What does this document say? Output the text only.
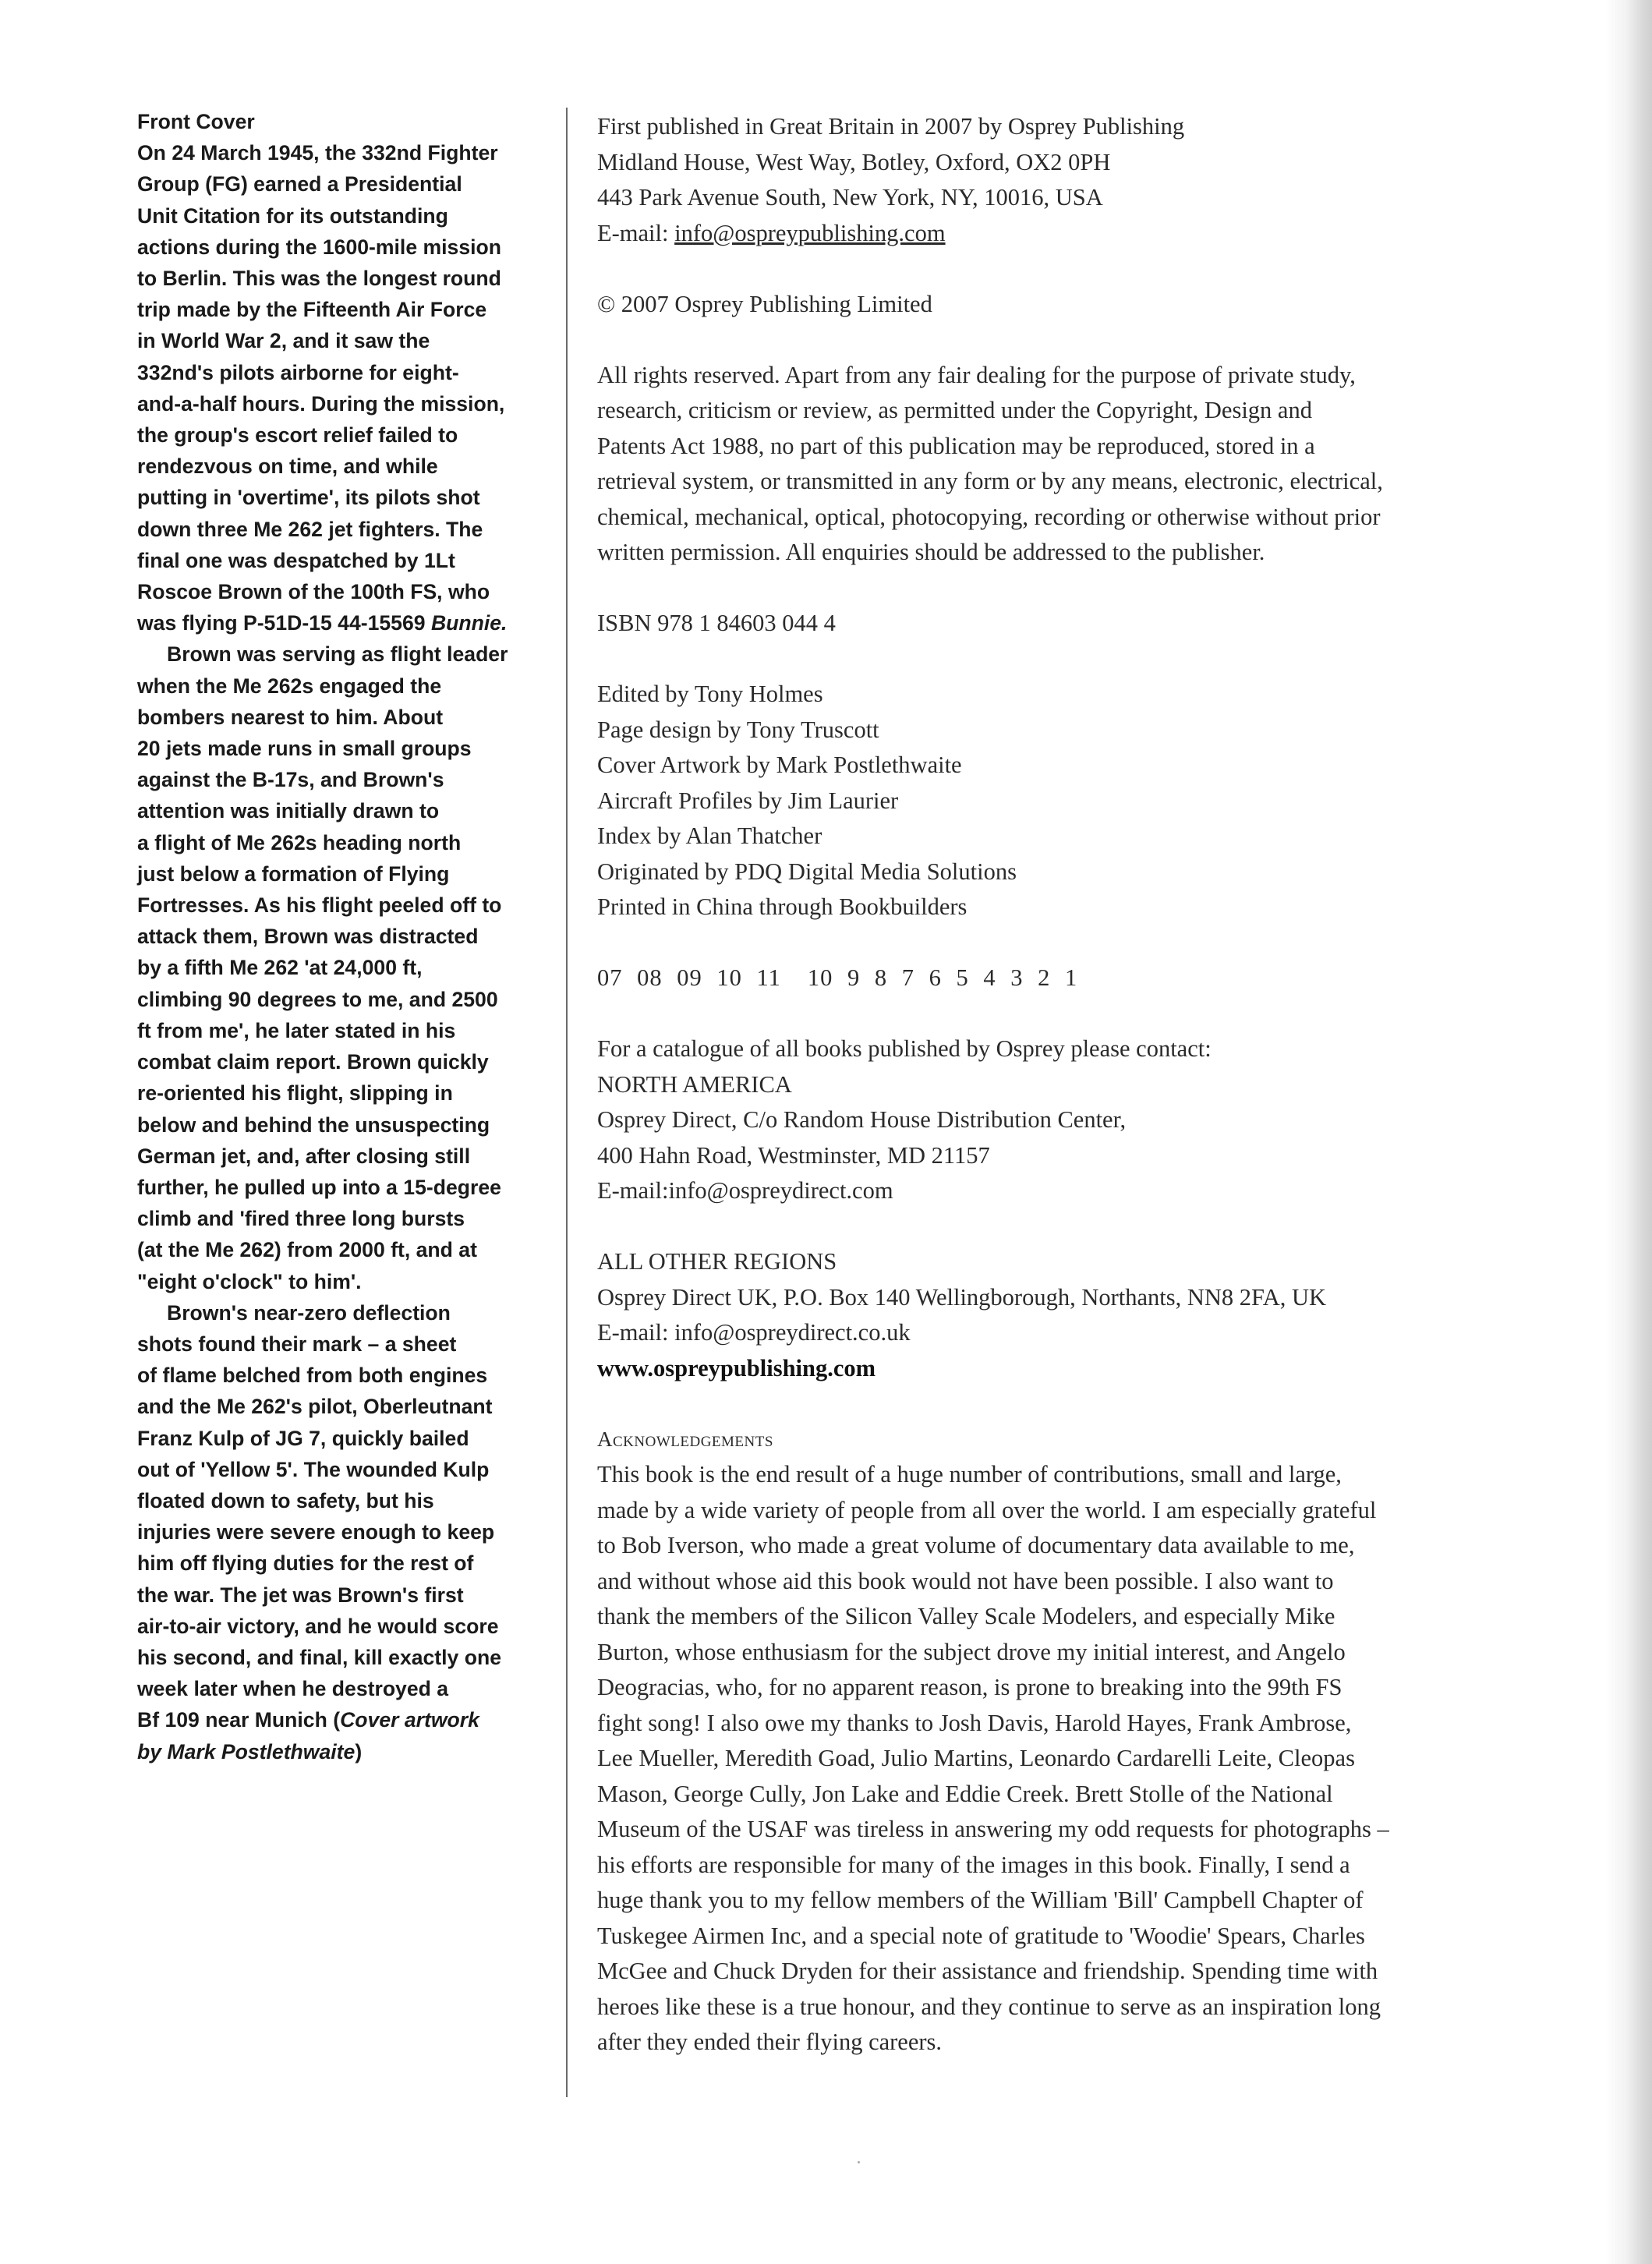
Front Cover

On 24 March 1945, the 332nd Fighter
Group (FG) earned a Presidential
Unit Citation for its outstanding
actions during the 1600-mile mission
to Berlin. This was the longest round
trip made by the Fifteenth Air Force
in World War 2, and it saw the
332nd's pilots airborne for eight-
and-a-half hours. During the mission,
the group's escort relief failed to
rendezvous on time, and while
putting in 'overtime', its pilots shot
down three Me 262 jet fighters. The
final one was despatched by 1Lt
Roscoe Brown of the 100th FS, who
was flying P-51D-15 44-15569 Bunnie.

Brown was serving as flight leader
when the Me 262s engaged the
bombers nearest to him. About
20 jets made runs in small groups
against the B-17s, and Brown's
attention was initially drawn to
a flight of Me 262s heading north
just below a formation of Flying
Fortresses. As his flight peeled off to
attack them, Brown was distracted
by a fifth Me 262 'at 24,000 ft,
climbing 90 degrees to me, and 2500
ft from me', he later stated in his
combat claim report. Brown quickly
re-oriented his flight, slipping in
below and behind the unsuspecting
German jet, and, after closing still
further, he pulled up into a 15-degree
climb and 'fired three long bursts
(at the Me 262) from 2000 ft, and at
"eight o'clock" to him'.

Brown's near-zero deflection
shots found their mark – a sheet
of flame belched from both engines
and the Me 262's pilot, Oberleutnant
Franz Kulp of JG 7, quickly bailed
out of 'Yellow 5'. The wounded Kulp
floated down to safety, but his
injuries were severe enough to keep
him off flying duties for the rest of
the war. The jet was Brown's first
air-to-air victory, and he would score
his second, and final, kill exactly one
week later when he destroyed a
Bf 109 near Munich (Cover artwork
by Mark Postlethwaite)

First published in Great Britain in 2007 by Osprey Publishing
Midland House, West Way, Botley, Oxford, OX2 0PH
443 Park Avenue South, New York, NY, 10016, USA
E-mail: info@ospreypublishing.com

© 2007 Osprey Publishing Limited

All rights reserved. Apart from any fair dealing for the purpose of private study,
research, criticism or review, as permitted under the Copyright, Design and
Patents Act 1988, no part of this publication may be reproduced, stored in a
retrieval system, or transmitted in any form or by any means, electronic, electrical,
chemical, mechanical, optical, photocopying, recording or otherwise without prior
written permission. All enquiries should be addressed to the publisher.

ISBN 978 1 84603 044 4

Edited by Tony Holmes
Page design by Tony Truscott
Cover Artwork by Mark Postlethwaite
Aircraft Profiles by Jim Laurier
Index by Alan Thatcher
Originated by PDQ Digital Media Solutions
Printed in China through Bookbuilders

07 08 09 10 11 10 9 8 7 6 5 4 3 2 1

For a catalogue of all books published by Osprey please contact:
NORTH AMERICA
Osprey Direct, C/o Random House Distribution Center,
400 Hahn Road, Westminster, MD 21157
E-mail:info@ospreydirect.com

ALL OTHER REGIONS
Osprey Direct UK, P.O. Box 140 Wellingborough, Northants, NN8 2FA, UK
E-mail: info@ospreydirect.co.uk
www.ospreypublishing.com

Acknowledgements
This book is the end result of a huge number of contributions, small and large,
made by a wide variety of people from all over the world. I am especially grateful
to Bob Iverson, who made a great volume of documentary data available to me,
and without whose aid this book would not have been possible. I also want to
thank the members of the Silicon Valley Scale Modelers, and especially Mike
Burton, whose enthusiasm for the subject drove my initial interest, and Angelo
Deogracias, who, for no apparent reason, is prone to breaking into the 99th FS
fight song! I also owe my thanks to Josh Davis, Harold Hayes, Frank Ambrose,
Lee Mueller, Meredith Goad, Julio Martins, Leonardo Cardarelli Leite, Cleopas
Mason, George Cully, Jon Lake and Eddie Creek. Brett Stolle of the National
Museum of the USAF was tireless in answering my odd requests for photographs –
his efforts are responsible for many of the images in this book. Finally, I send a
huge thank you to my fellow members of the William 'Bill' Campbell Chapter of
Tuskegee Airmen Inc, and a special note of gratitude to 'Woodie' Spears, Charles
McGee and Chuck Dryden for their assistance and friendship. Spending time with
heroes like these is a true honour, and they continue to serve as an inspiration long
after they ended their flying careers.
